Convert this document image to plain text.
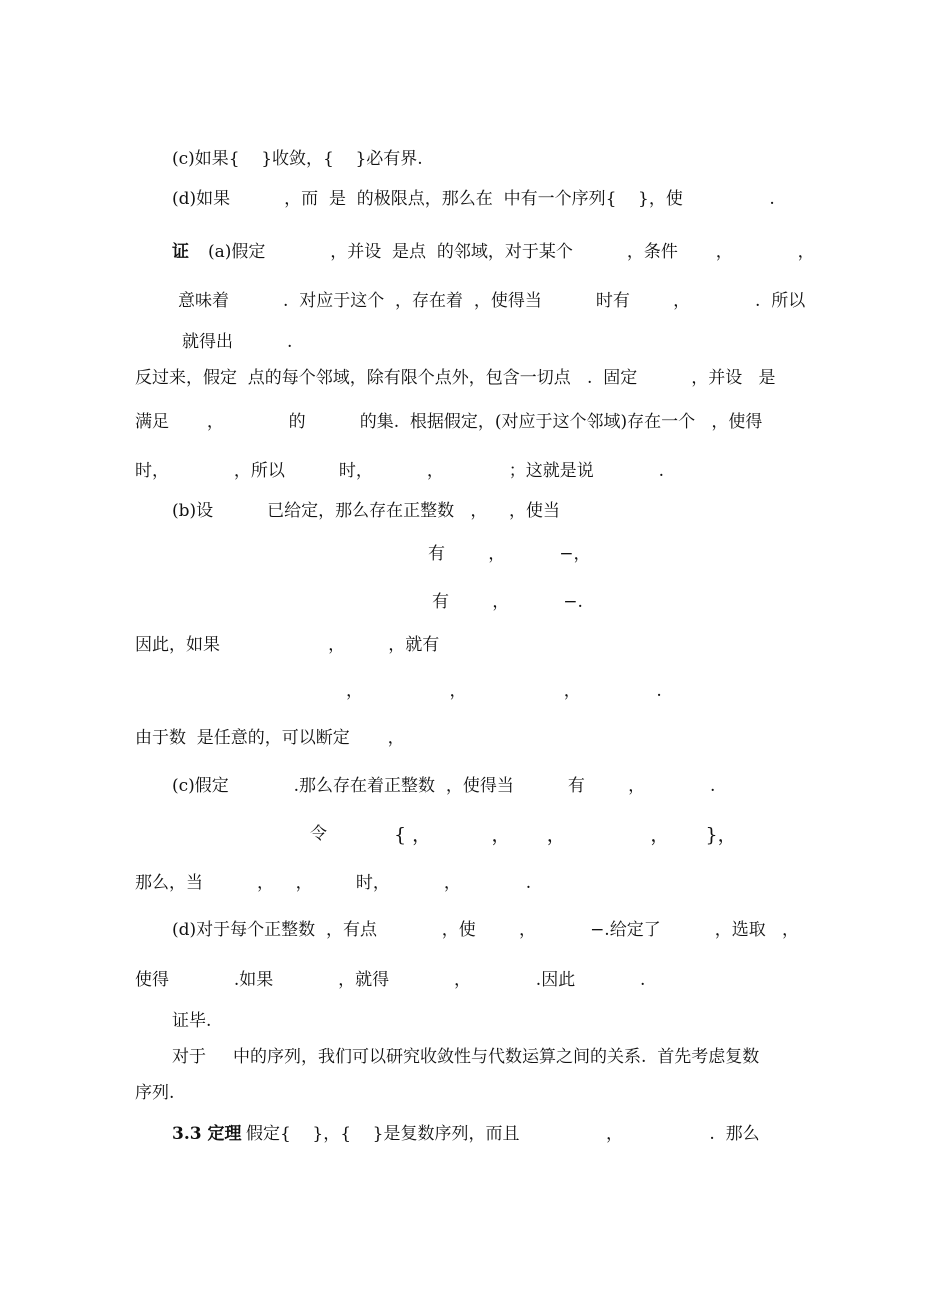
(c)如果{    }收敛，{    }必有界.
(d)如果          ，而  是  的极限点，那么在  中有一个序列{    }，使                .
证 (a)假定            ，并设  是点  的邻域，对于某个          ，条件       ，            ，
意味着          .  对应于这个  ，存在着  ，使得当          时有        ，            .  所以
就得出          .
反过来，假定  点的每个邻域，除有限个点外，包含一切点   .  固定          ，并设   是
满足       ，            的          的集.  根据假定，(对应于这个邻域)存在一个   ，使得
时，            ，所以          时，          ，            ；这就是说            .
(b)设          已给定，那么存在正整数   ，    ，使当
有        ，          −，
有        ，          −.
因此，如果                    ，        ，就有
，                ，                  ，              .
由于数  是任意的，可以断定       ，
(c)假定            .那么存在着正整数  ，使得当          有        ，            .
令	{ ，          ，      ，              ，      }，
那么，当          ，    ，        时，          ，            .
(d)对于每个正整数  ，有点            ，使        ，          −.给定了          ，选取   ，
使得            .如果            ，就得            ，            .因此            .
证毕.
对于     中的序列，我们可以研究收敛性与代数运算之间的关系.  首先考虑复数
序列.
3.3 定理 假定{    }，{    }是复数序列，而且                ，                .  那么
